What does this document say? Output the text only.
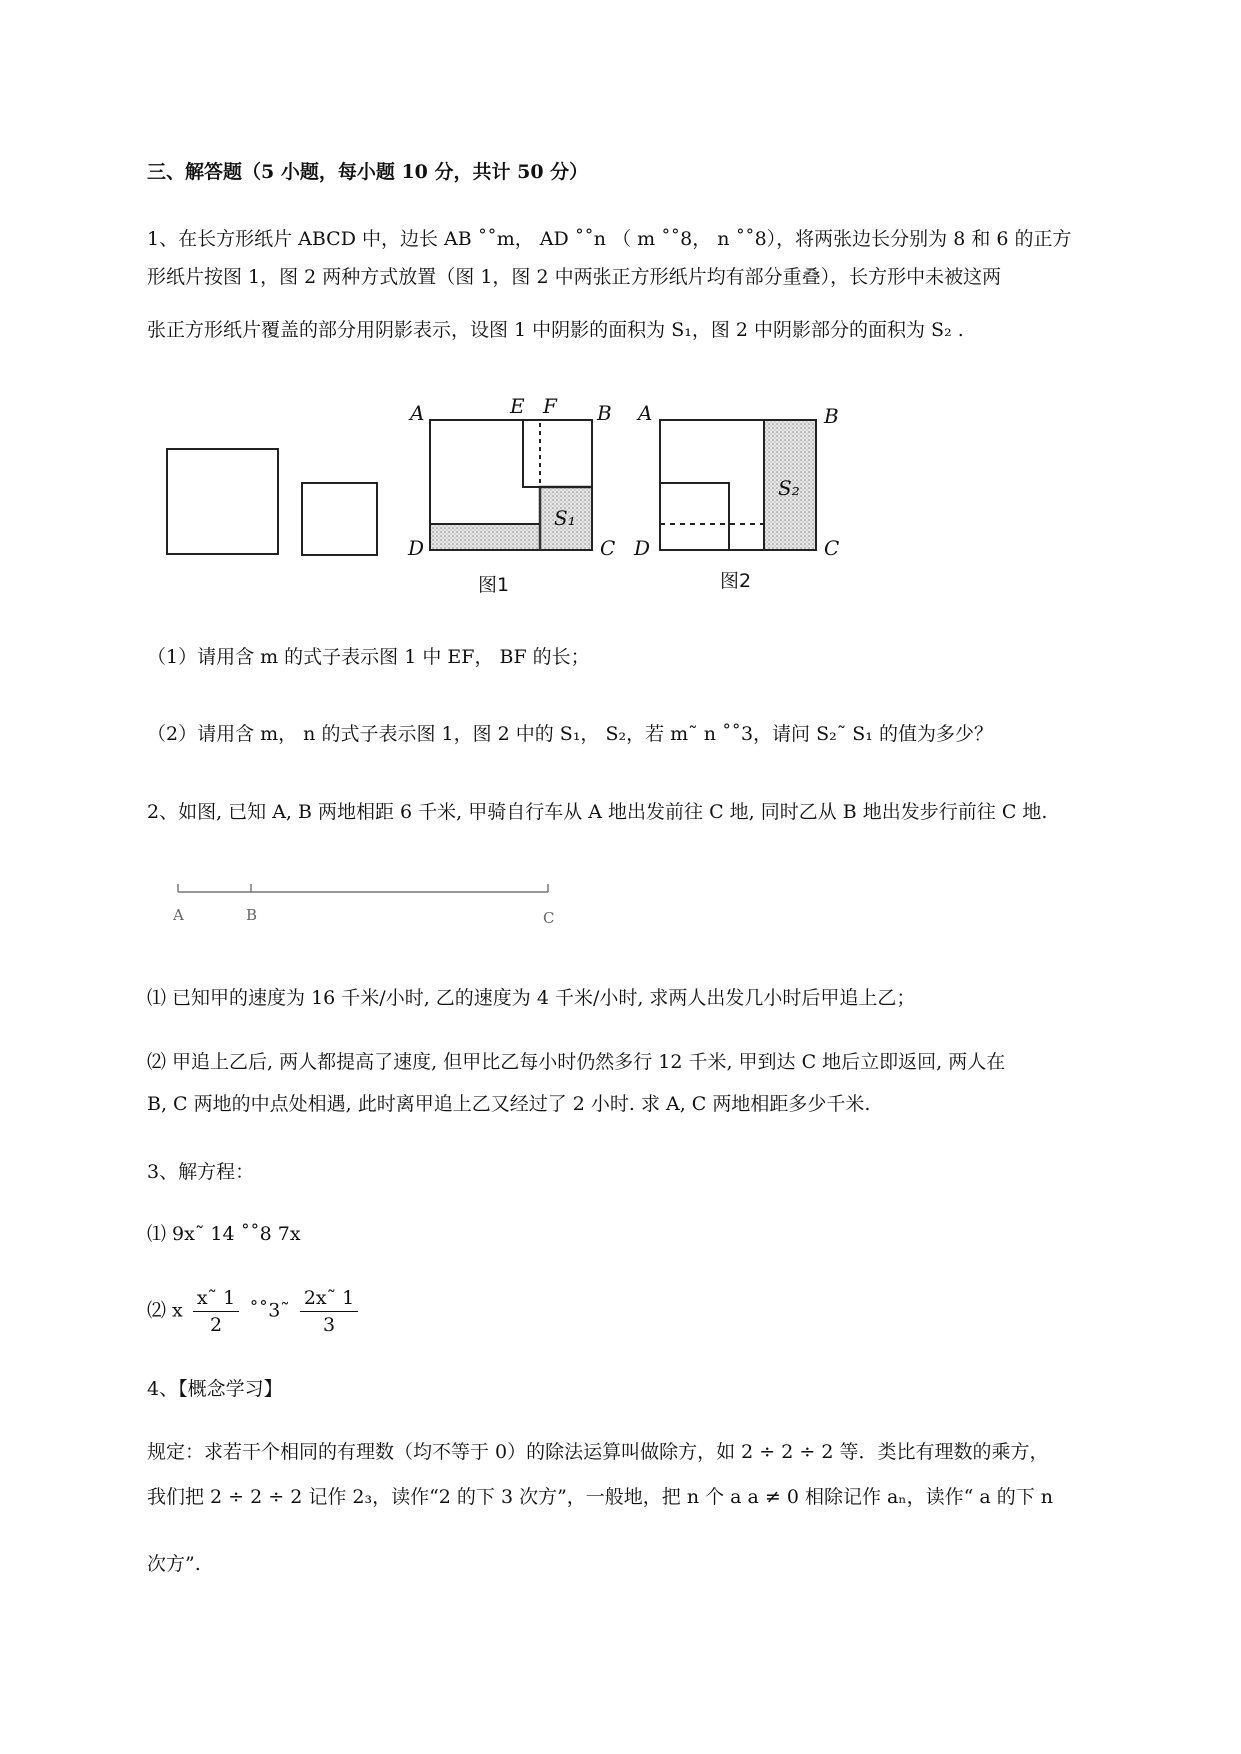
三、解答题（5 小题，每小题 10 分，共计 50 分）
1、在长方形纸片 ABCD 中，边长 AB ˚˚m， AD ˚˚n （ m ˚˚8， n ˚˚8），将两张边长分别为 8 和 6 的正方
形纸片按图 1，图 2 两种方式放置（图 1，图 2 中两张正方形纸片均有部分重叠），长方形中未被这两
张正方形纸片覆盖的部分用阴影表示，设图 1 中阴影的面积为 S₁，图 2 中阴影部分的面积为 S₂ .
A	E F B
C
D
S₁
图1
A	B
C
D
S₂
图2
（1）请用含 m 的式子表示图 1 中 EF， BF 的长；
（2）请用含 m， n 的式子表示图 1，图 2 中的 S₁， S₂，若 m˜ n ˚˚3，请问 S₂˜ S₁ 的值为多少？
2、如图, 已知 A, B 两地相距 6 千米, 甲骑自行车从 A 地出发前往 C 地, 同时乙从 B 地出发步行前往 C 地.
A	B	C
⑴ 已知甲的速度为 16 千米/小时, 乙的速度为 4 千米/小时, 求两人出发几小时后甲追上乙；
⑵ 甲追上乙后, 两人都提高了速度, 但甲比乙每小时仍然多行 12 千米, 甲到达 C 地后立即返回, 两人在
B, C 两地的中点处相遇, 此时离甲追上乙又经过了 2 小时. 求 A, C 两地相距多少千米.
3、解方程：
⑴ 9x˜ 14 ˚˚8 7x
⑵ x $\frac{x˜ 1}{2}$ ˚˚3˜ $\frac{2x˜ 1}{3}$
4、【概念学习】
规定：求若干个相同的有理数（均不等于 0）的除法运算叫做除方，如 2 ÷ 2 ÷ 2 等．类比有理数的乘方，
我们把 2 ÷ 2 ÷ 2 记作 2₃，读作“2 的下 3 次方”，一般地，把 n 个 a a ≠ 0 相除记作 aₙ，读作“ a 的下 n
次方”.
